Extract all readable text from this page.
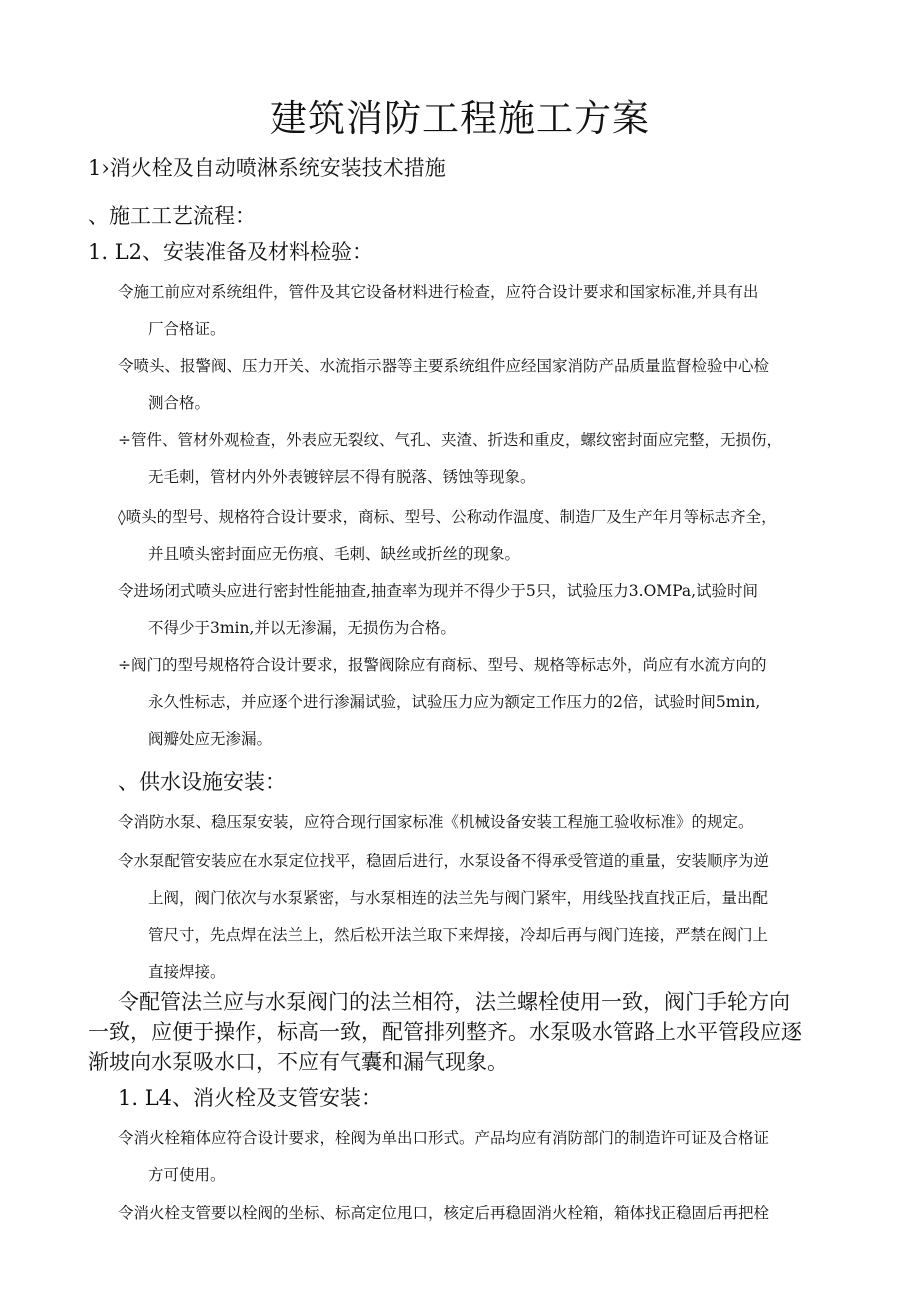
建筑消防工程施工方案
1›消火栓及自动喷淋系统安装技术措施
、施工工艺流程：
1. L2、安装准备及材料检验：
令施工前应对系统组件，管件及其它设备材料进行检查，应符合设计要求和国家标准,并具有出
厂合格证。
令喷头、报警阀、压力开关、水流指示器等主要系统组件应经国家消防产品质量监督检验中心检
测合格。
÷管件、管材外观检查，外表应无裂纹、气孔、夹渣、折迭和重皮，螺纹密封面应完整，无损伤，
无毛刺，管材内外外表镀锌层不得有脱落、锈蚀等现象。
◊喷头的型号、规格符合设计要求，商标、型号、公称动作温度、制造厂及生产年月等标志齐全，
并且喷头密封面应无伤痕、毛刺、缺丝或折丝的现象。
令进场闭式喷头应进行密封性能抽查,抽查率为现并不得少于5只，试验压力3.OMPa,试验时间
不得少于3min,并以无渗漏，无损伤为合格。
÷阀门的型号规格符合设计要求，报警阀除应有商标、型号、规格等标志外，尚应有水流方向的
永久性标志，并应逐个进行渗漏试验，试验压力应为额定工作压力的2倍，试验时间5min,
阀瓣处应无渗漏。
、供水设施安装：
令消防水泵、稳压泵安装，应符合现行国家标准《机械设备安装工程施工验收标准》的规定。
令水泵配管安装应在水泵定位找平，稳固后进行，水泵设备不得承受管道的重量，安装顺序为逆
上阀，阀门依次与水泵紧密，与水泵相连的法兰先与阀门紧牢，用线坠找直找正后，量出配
管尺寸，先点焊在法兰上，然后松开法兰取下来焊接，冷却后再与阀门连接，严禁在阀门上
直接焊接。
令配管法兰应与水泵阀门的法兰相符，法兰螺栓使用一致，阀门手轮方向
一致，应便于操作，标高一致，配管排列整齐。水泵吸水管路上水平管段应逐
渐坡向水泵吸水口，不应有气囊和漏气现象。
1. L4、消火栓及支管安装：
令消火栓箱体应符合设计要求，栓阀为单出口形式。产品均应有消防部门的制造许可证及合格证
方可使用。
令消火栓支管要以栓阀的坐标、标高定位甩口，核定后再稳固消火栓箱，箱体找正稳固后再把栓
